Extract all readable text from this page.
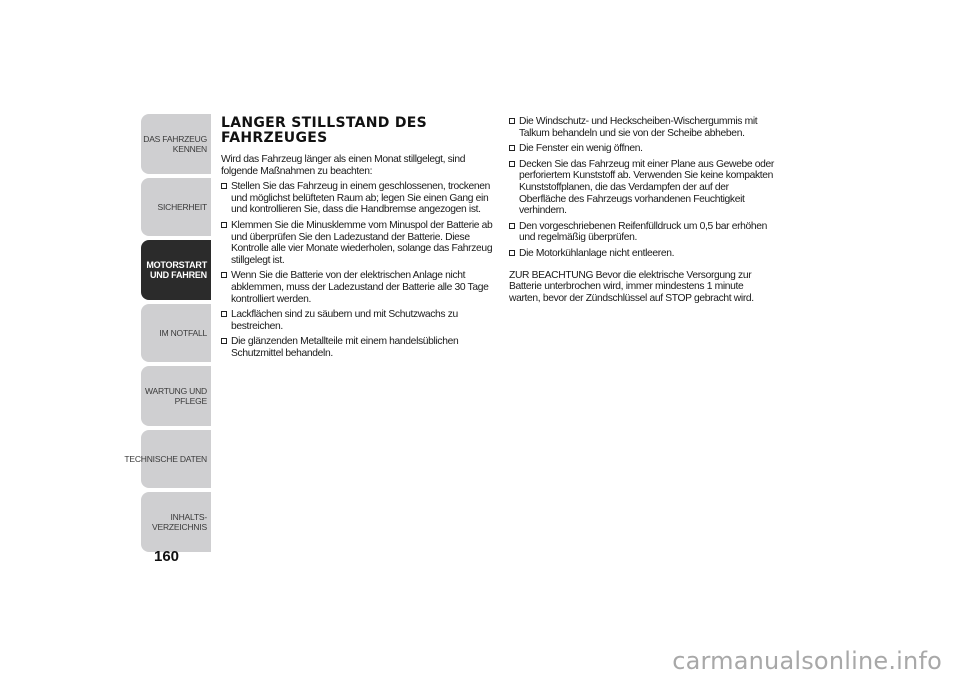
DAS FAHRZEUG
KENNEN
SICHERHEIT
MOTORSTART
UND FAHREN
IM NOTFALL
WARTUNG UND
PFLEGE
TECHNISCHE DATEN
INHALTS-
VERZEICHNIS
160
LANGER STILLSTAND DES
FAHRZEUGES

Wird das Fahrzeug länger als einen Monat stillgelegt, sind folgende Maßnahmen zu beachten:

Stellen Sie das Fahrzeug in einem geschlossenen, trockenen und möglichst belüfteten Raum ab; legen Sie einen Gang ein und kontrollieren Sie, dass die Handbremse angezogen ist.
Klemmen Sie die Minusklemme vom Minuspol der Batterie ab und überprüfen Sie den Ladezustand der Batterie. Diese Kontrolle alle vier Monate wiederholen, solange das Fahrzeug stillgelegt ist.
Wenn Sie die Batterie von der elektrischen Anlage nicht abklemmen, muss der Ladezustand der Batterie alle 30 Tage kontrolliert werden.
Lackflächen sind zu säubern und mit Schutzwachs zu bestreichen.
Die glänzenden Metallteile mit einem handelsüblichen Schutzmittel behandeln.
Die Windschutz- und Heckscheiben-Wischergummis mit Talkum behandeln und sie von der Scheibe abheben.
Die Fenster ein wenig öffnen.
Decken Sie das Fahrzeug mit einer Plane aus Gewebe oder perforiertem Kunststoff ab. Verwenden Sie keine kompakten Kunststoffplanen, die das Verdampfen der auf der Oberfläche des Fahrzeugs vorhandenen Feuchtigkeit verhindern.
Den vorgeschriebenen Reifenfülldruck um 0,5 bar erhöhen und regelmäßig überprüfen.
Die Motorkühlanlage nicht entleeren.

ZUR BEACHTUNG Bevor die elektrische Versorgung zur Batterie unterbrochen wird, immer mindestens 1 minute warten, bevor der Zündschlüssel auf STOP gebracht wird.

carmanualsonline.info
